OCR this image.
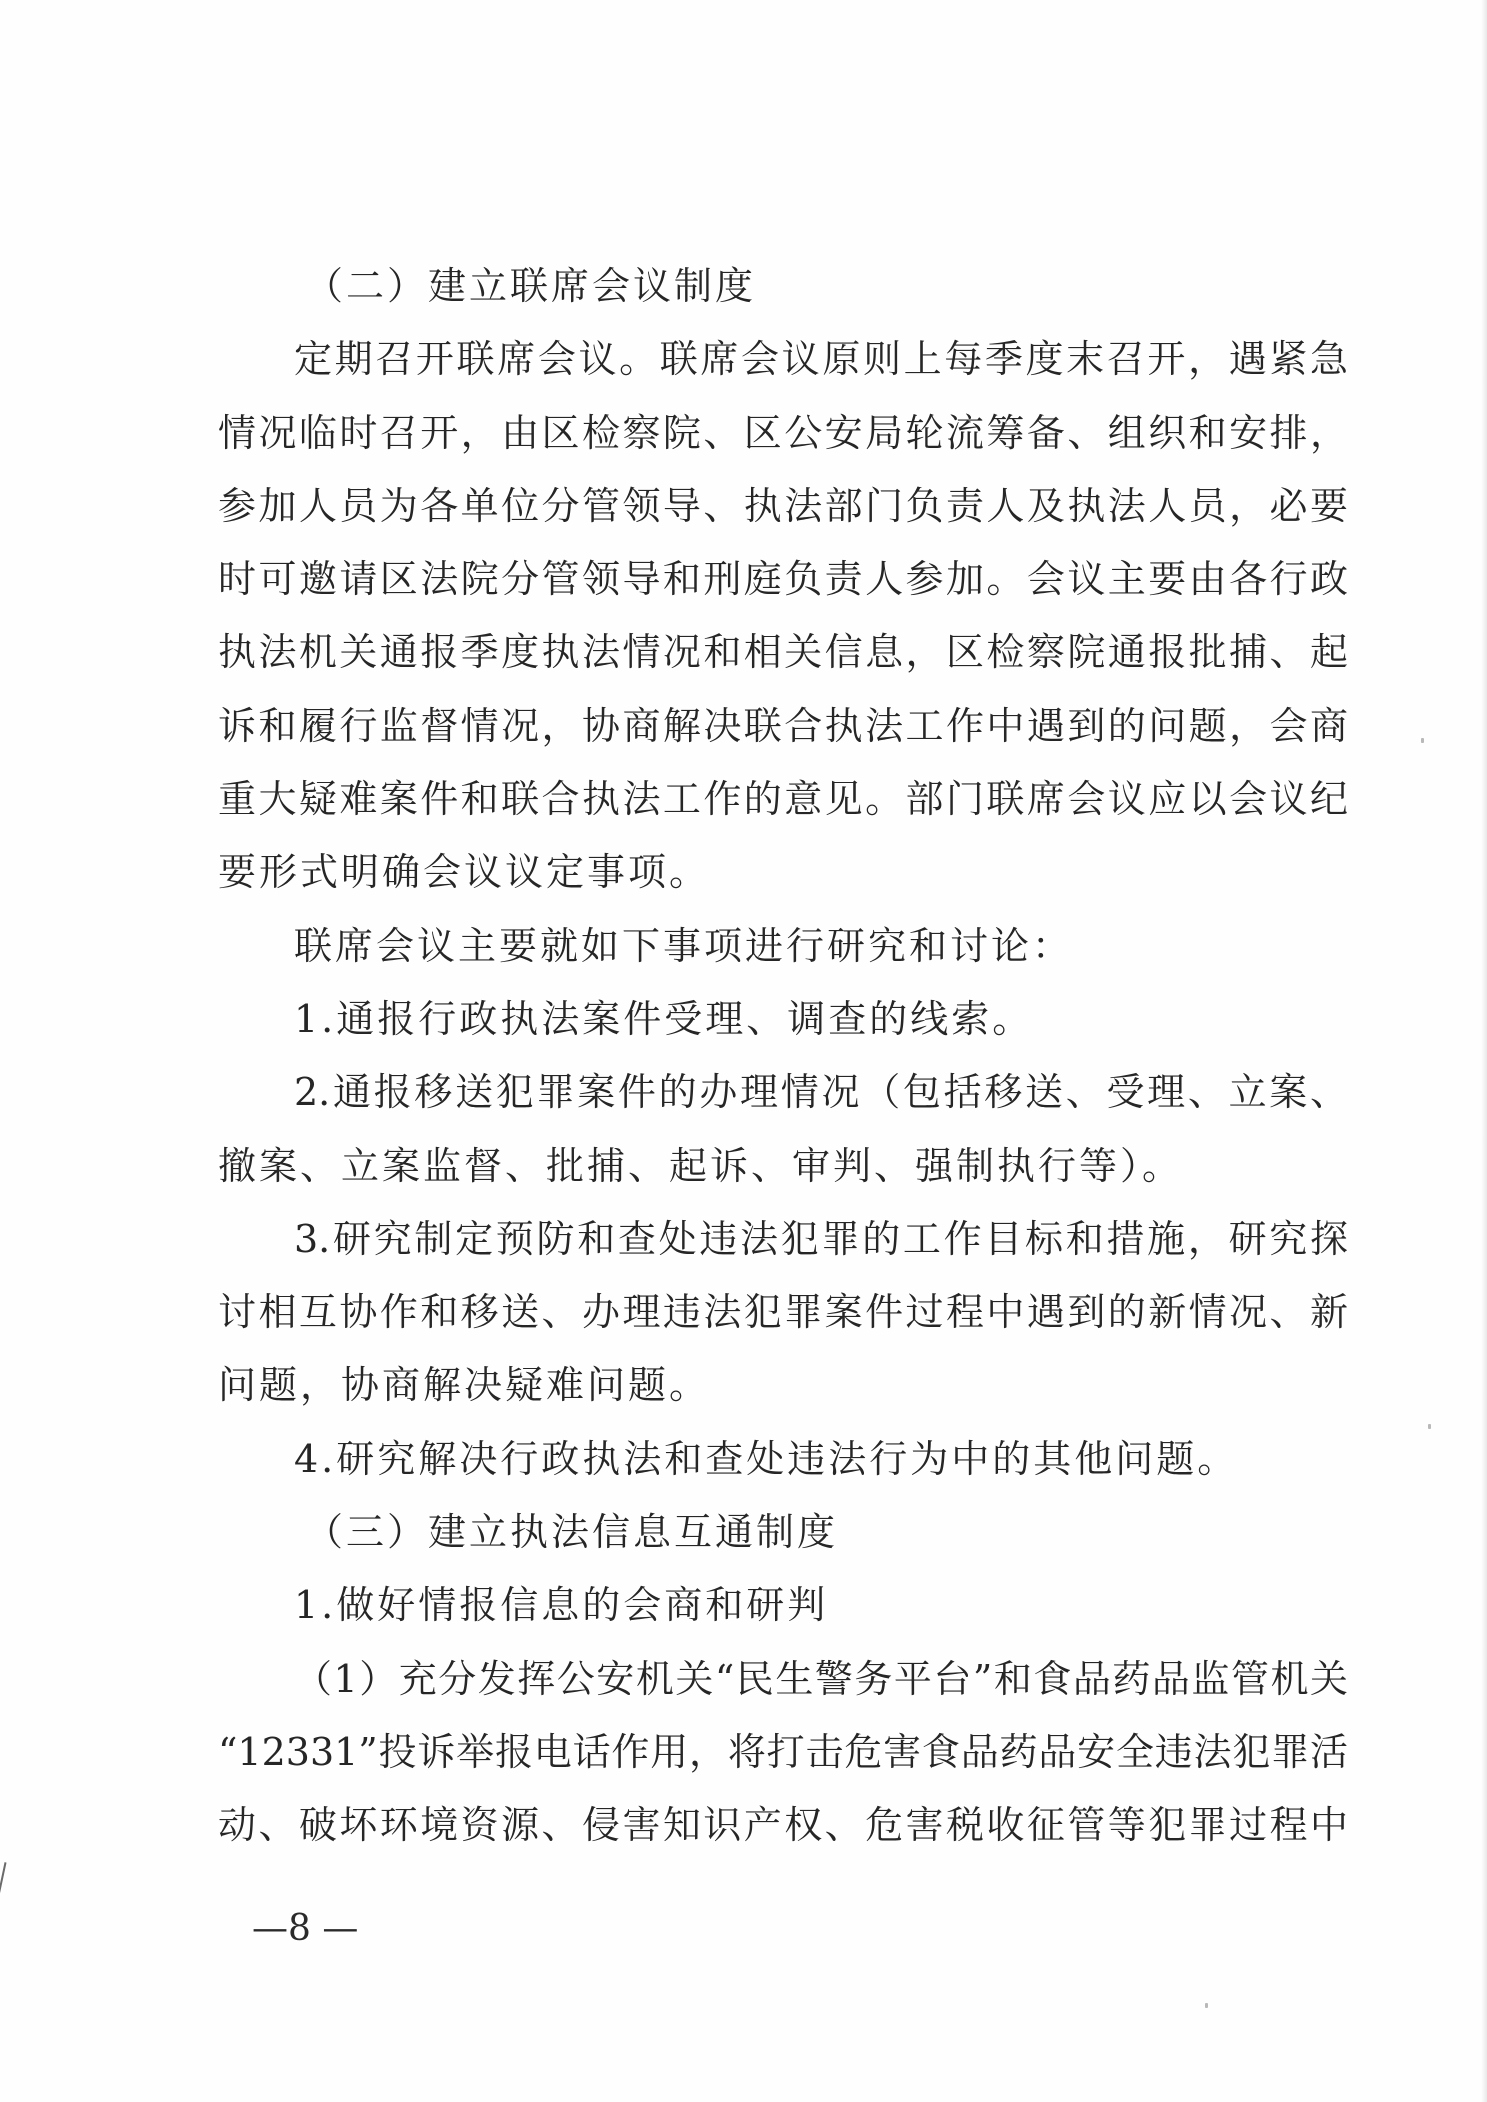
（二）建立联席会议制度
定期召开联席会议。联席会议原则上每季度末召开，遇紧急
情况临时召开，由区检察院、区公安局轮流筹备、组织和安排，
参加人员为各单位分管领导、执法部门负责人及执法人员，必要
时可邀请区法院分管领导和刑庭负责人参加。会议主要由各行政
执法机关通报季度执法情况和相关信息，区检察院通报批捕、起
诉和履行监督情况，协商解决联合执法工作中遇到的问题，会商
重大疑难案件和联合执法工作的意见。部门联席会议应以会议纪
要形式明确会议议定事项。
联席会议主要就如下事项进行研究和讨论：
1.通报行政执法案件受理、调查的线索。
2.通报移送犯罪案件的办理情况（包括移送、受理、立案、
撤案、立案监督、批捕、起诉、审判、强制执行等）。
3.研究制定预防和查处违法犯罪的工作目标和措施，研究探
讨相互协作和移送、办理违法犯罪案件过程中遇到的新情况、新
问题，协商解决疑难问题。
4.研究解决行政执法和查处违法行为中的其他问题。
（三）建立执法信息互通制度
1.做好情报信息的会商和研判
（1）充分发挥公安机关“民生警务平台”和食品药品监管机关
“12331”投诉举报电话作用，将打击危害食品药品安全违法犯罪活
动、破坏环境资源、侵害知识产权、危害税收征管等犯罪过程中
—8 —
